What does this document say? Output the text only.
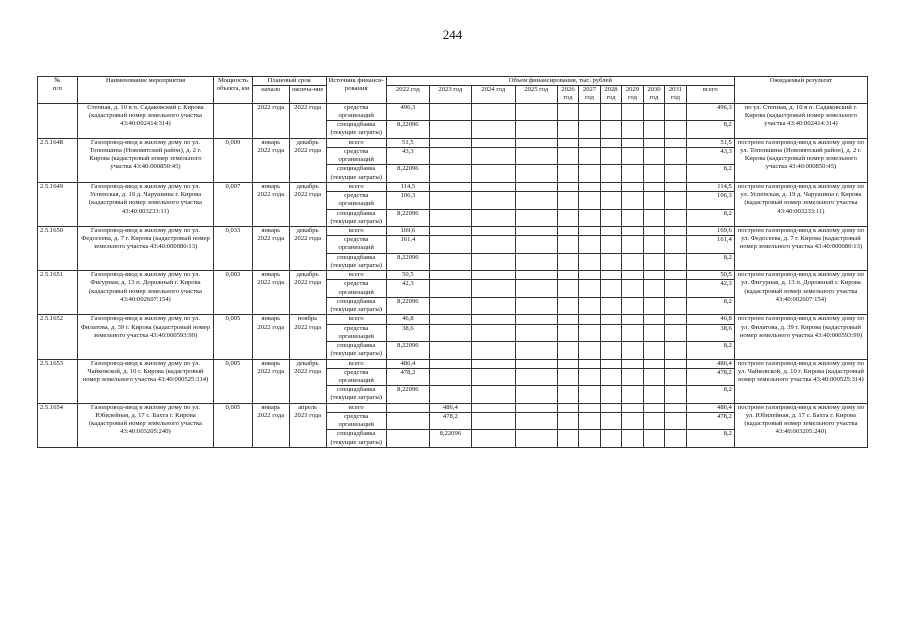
244
№
п/п	Наименование мероприятия	Мощность объекта, км	Плановый срок		Источник финанси-рования	Объем финансирования, тыс. рублей											Ожидаемый результат
			начало	оконча-ние		2022 год	2023 год	2024 год	2025 год	2026 год	2027 год	2028 год	2029 год	2030 год	2031 год	всего	
	Степная, д. 10 в п. Садаковский г. Кирова (кадастровый номер земельного участка 43:40:002414:314)		2022 года	2022 года	средства организаций	496,3										496,3	по ул. Степная, д. 10 в п. Садаковский г. Кирова (кадастровый номер земельного участка 43:40:002414:314)
					спецнадбавка (текущие затраты)	8,22096										8,2	
2.5.1648	Газопровод-ввод к жилому дому по ул. Топоншина (Нововятский район), д. 2 г. Кирова (кадастровый номер земельного участка 43:40:000850:45)	0,009	январь 2022 года	декабрь 2022 года	всего	51,5										51,5	построен газопровод-ввод к жилому дому по ул. Топоншина (Нововятский район), д. 2 г. Кирова (кадастровый номер земельного участка 43:40:000850:45)
					средства организаций	43,3										43,3	
					спецнадбавка (текущие затраты)	8,22096										8,2	
2.5.1649	Газопровод-ввод к жилому дому по ул. Успенская, д. 19 д. Чарушины г. Кирова (кадастровый номер земельного участка 43:40:003233:11)	0,007	январь 2022 года	декабрь 2022 года	всего	114,5										114,5	построен газопровод-ввод к жилому дому по ул. Успенская, д. 19 д. Чарушины г. Кирова (кадастровый номер земельного участка 43:40:003233:11)
					средства организаций	106,3										106,3	
					спецнадбавка (текущие затраты)	8,22096										8,2	
2.5.1650	Газопровод-ввод к жилому дому по ул. Федосеева, д. 7 г. Кирова (кадастровый номер земельного участка 43:40:000080:13)	0,033	январь 2022 года	декабрь 2022 года	всего	169,6										169,6	построен газопровод-ввод к жилому дому по ул. Федосеева, д. 7 г. Кирова (кадастровый номер земельного участка 43:40:000080:13)
					средства организаций	161,4										161,4	
					спецнадбавка (текущие затраты)	8,22096										8,2	
2.5.1651	Газопровод-ввод к жилому дому по ул. Фигурная, д. 13 п. Дорожный г. Кирова (кадастровый номер земельного участка 43:40:002607:154)	0,003	январь 2022 года	декабрь 2022 года	всего	50,5										50,5	построен газопровод-ввод к жилому дому по ул. Фигурная, д. 13 п. Дорожный г. Кирова (кадастровый номер земельного участка 43:40:002607:154)
					средства организаций	42,3										42,3	
					спецнадбавка (текущие затраты)	8,22096										8,2	
2.5.1652	Газопровод-ввод к жилому дому по ул. Филатова, д. 39 г. Кирова (кадастровый номер земельного участка 43:40:000593:99)	0,005	январь 2022 года	ноябрь 2022 года	всего	46,8										46,8	построен газопровод-ввод к жилому дому по ул. Филатова, д. 39 г. Кирова (кадастровый номер земельного участка 43:40:000593:99)
					средства организаций	38,6										38,6	
					спецнадбавка (текущие затраты)	8,22096										8,2	
2.5.1653	Газопровод-ввод к жилому дому по ул. Чайковской, д. 10 г. Кирова (кадастровый номер земельного участка 43:40:000525:314)	0,005	январь 2022 года	декабрь 2022 года	всего	486,4										486,4	построен газопровод-ввод к жилому дому по ул. Чайковской, д. 10 г. Кирова (кадастровый номер земельного участка 43:40:000525:314)
					средства организаций	478,2										478,2	
					спецнадбавка (текущие затраты)	8,22096										8,2	
2.5.1654	Газопровод-ввод к жилому дому по ул. Юбилейная, д. 17 с. Бахта г. Кирова (кадастровый номер земельного участка 43:40:003205:240)	0,005	январь 2022 года	апрель 2023 года	всего		486,4									486,4	построен газопровод-ввод к жилому дому по ул. Юбилейная, д. 17 с. Бахта г. Кирова (кадастровый номер земельного участка 43:40:003205:240)
					средства организаций		478,2									478,2	
					спецнадбавка (текущие затраты)		8,22096									8,2	
